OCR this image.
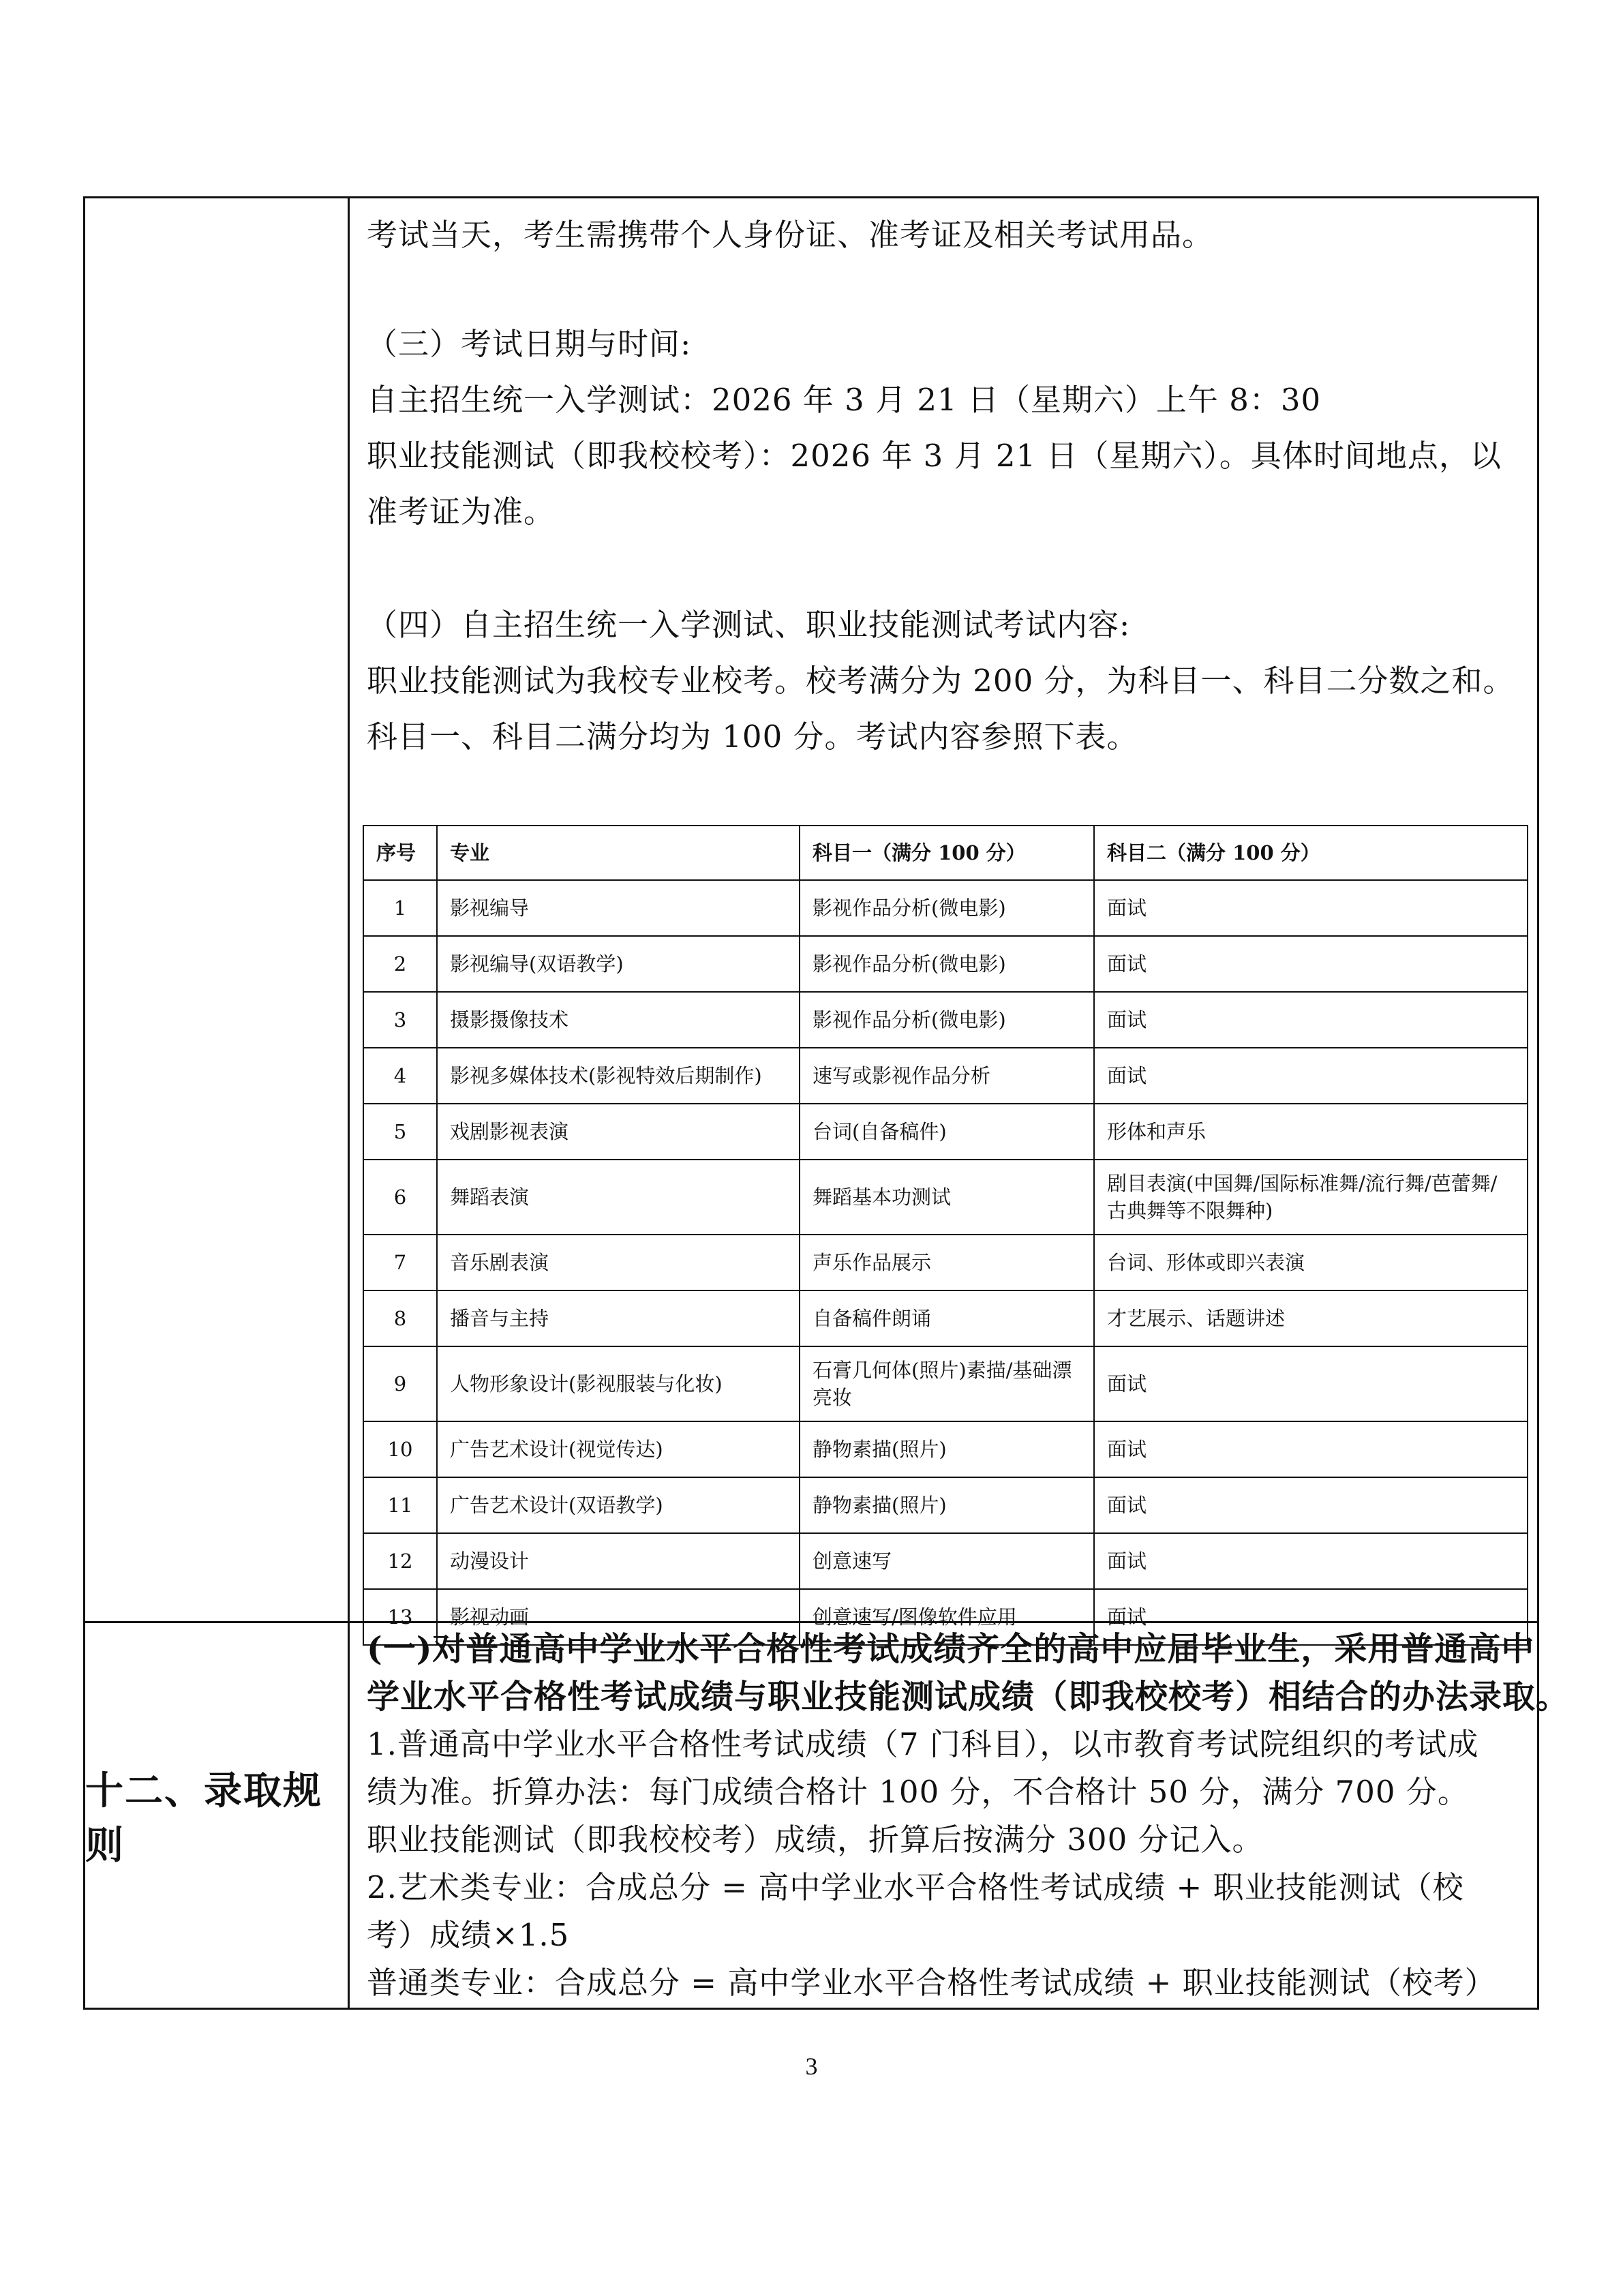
十二、录取规则
考试当天，考生需携带个人身份证、准考证及相关考试用品。
（三）考试日期与时间:
自主招生统一入学测试：2026 年 3 月 21 日（星期六）上午 8：30
职业技能测试（即我校校考）：2026 年 3 月 21 日（星期六）。具体时间地点，以
准考证为准。
（四）自主招生统一入学测试、职业技能测试考试内容:
职业技能测试为我校专业校考。校考满分为 200 分，为科目一、科目二分数之和。
科目一、科目二满分均为 100 分。考试内容参照下表。
序号	专业	科目一（满分 100 分）	科目二（满分 100 分）
1	影视编导	影视作品分析(微电影)	面试
2	影视编导(双语教学)	影视作品分析(微电影)	面试
3	摄影摄像技术	影视作品分析(微电影)	面试
4	影视多媒体技术(影视特效后期制作)	速写或影视作品分析	面试
5	戏剧影视表演	台词(自备稿件)	形体和声乐
6	舞蹈表演	舞蹈基本功测试	剧目表演(中国舞/国际标准舞/流行舞/芭蕾舞/古典舞等不限舞种)
7	音乐剧表演	声乐作品展示	台词、形体或即兴表演
8	播音与主持	自备稿件朗诵	才艺展示、话题讲述
9	人物形象设计(影视服装与化妆)	石膏几何体(照片)素描/基础漂亮妆	面试
10	广告艺术设计(视觉传达)	静物素描(照片)	面试
11	广告艺术设计(双语教学)	静物素描(照片)	面试
12	动漫设计	创意速写	面试
13	影视动画	创意速写/图像软件应用	面试
(一)对普通高中学业水平合格性考试成绩齐全的高中应届毕业生，采用普通高中
学业水平合格性考试成绩与职业技能测试成绩（即我校校考）相结合的办法录取。
1.普通高中学业水平合格性考试成绩（7 门科目），以市教育考试院组织的考试成
绩为准。折算办法：每门成绩合格计 100 分，不合格计 50 分，满分 700 分。
职业技能测试（即我校校考）成绩，折算后按满分 300 分记入。
2.艺术类专业：合成总分 = 高中学业水平合格性考试成绩 + 职业技能测试（校
考）成绩×1.5
3
普通类专业：合成总分 = 高中学业水平合格性考试成绩 + 职业技能测试（校考）
